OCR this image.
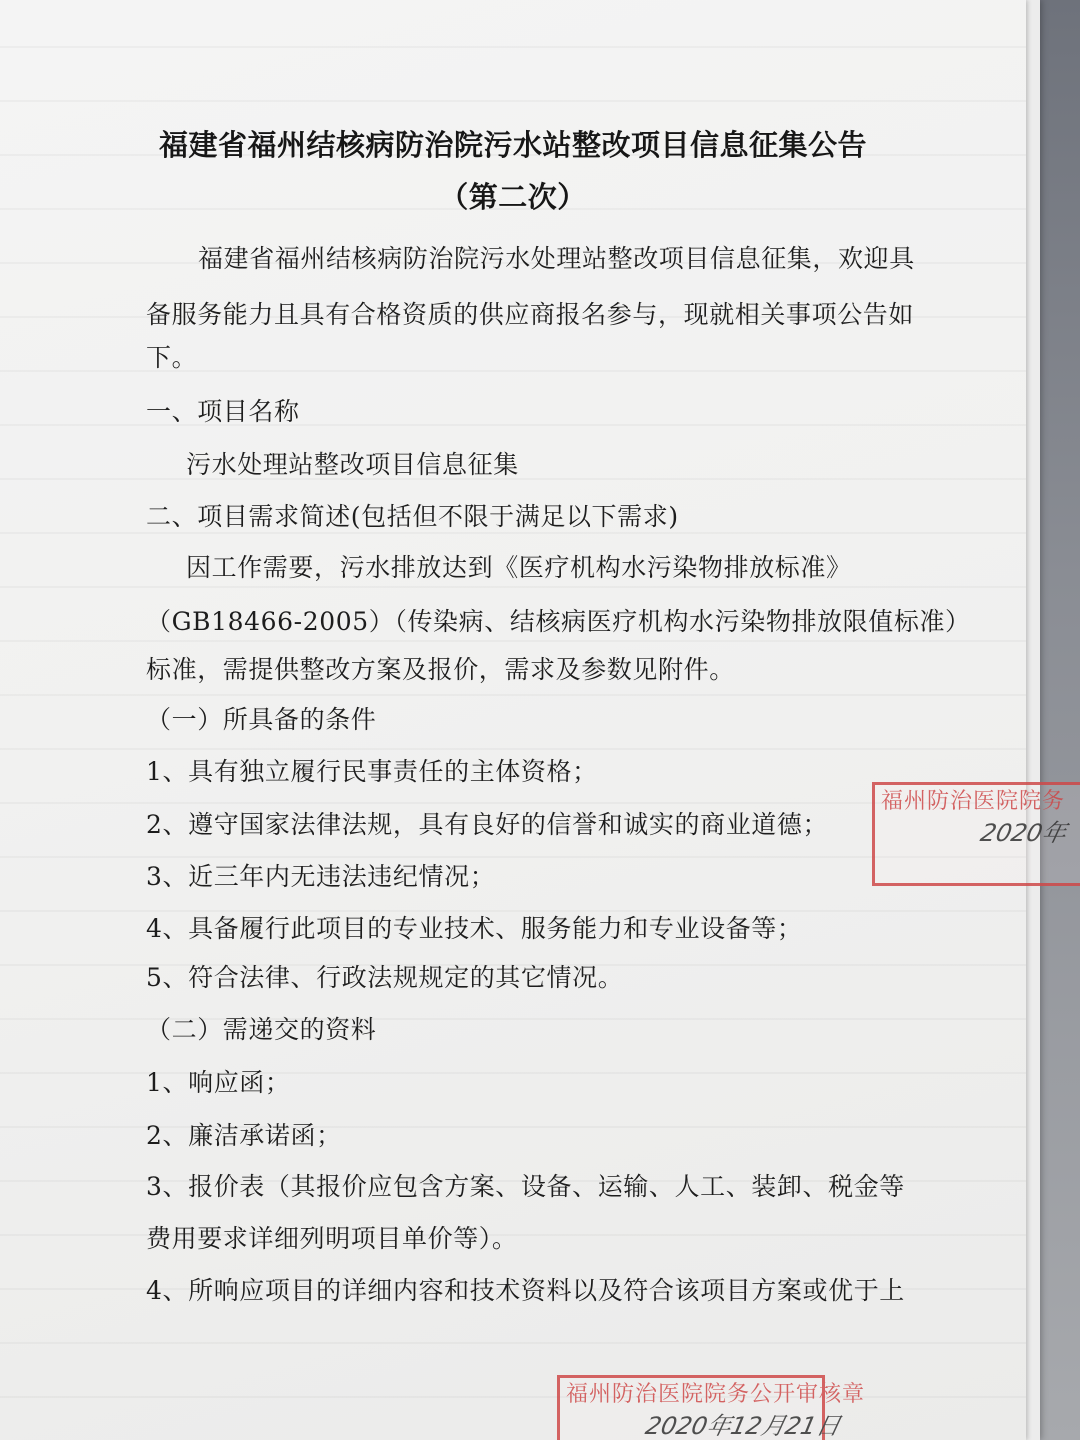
福建省福州结核病防治院污水站整改项目信息征集公告
（第二次）

福建省福州结核病防治院污水处理站整改项目信息征集，欢迎具

备服务能力且具有合格资质的供应商报名参与，现就相关事项公告如

下。

一、项目名称

污水处理站整改项目信息征集

二、项目需求简述(包括但不限于满足以下需求)

因工作需要，污水排放达到《医疗机构水污染物排放标准》

（GB18466-2005）（传染病、结核病医疗机构水污染物排放限值标准）

标准，需提供整改方案及报价，需求及参数见附件。

（一）所具备的条件

1、具有独立履行民事责任的主体资格；

2、遵守国家法律法规，具有良好的信誉和诚实的商业道德；

3、近三年内无违法违纪情况；

4、具备履行此项目的专业技术、服务能力和专业设备等；

5、符合法律、行政法规规定的其它情况。

（二）需递交的资料

1、响应函；

2、廉洁承诺函；

3、报价表（其报价应包含方案、设备、运输、人工、装卸、税金等

费用要求详细列明项目单价等）。

4、所响应项目的详细内容和技术资料以及符合该项目方案或优于上

福州防治医院院务
2020年
福州防治医院院务公开审核章
2020年12月21日
